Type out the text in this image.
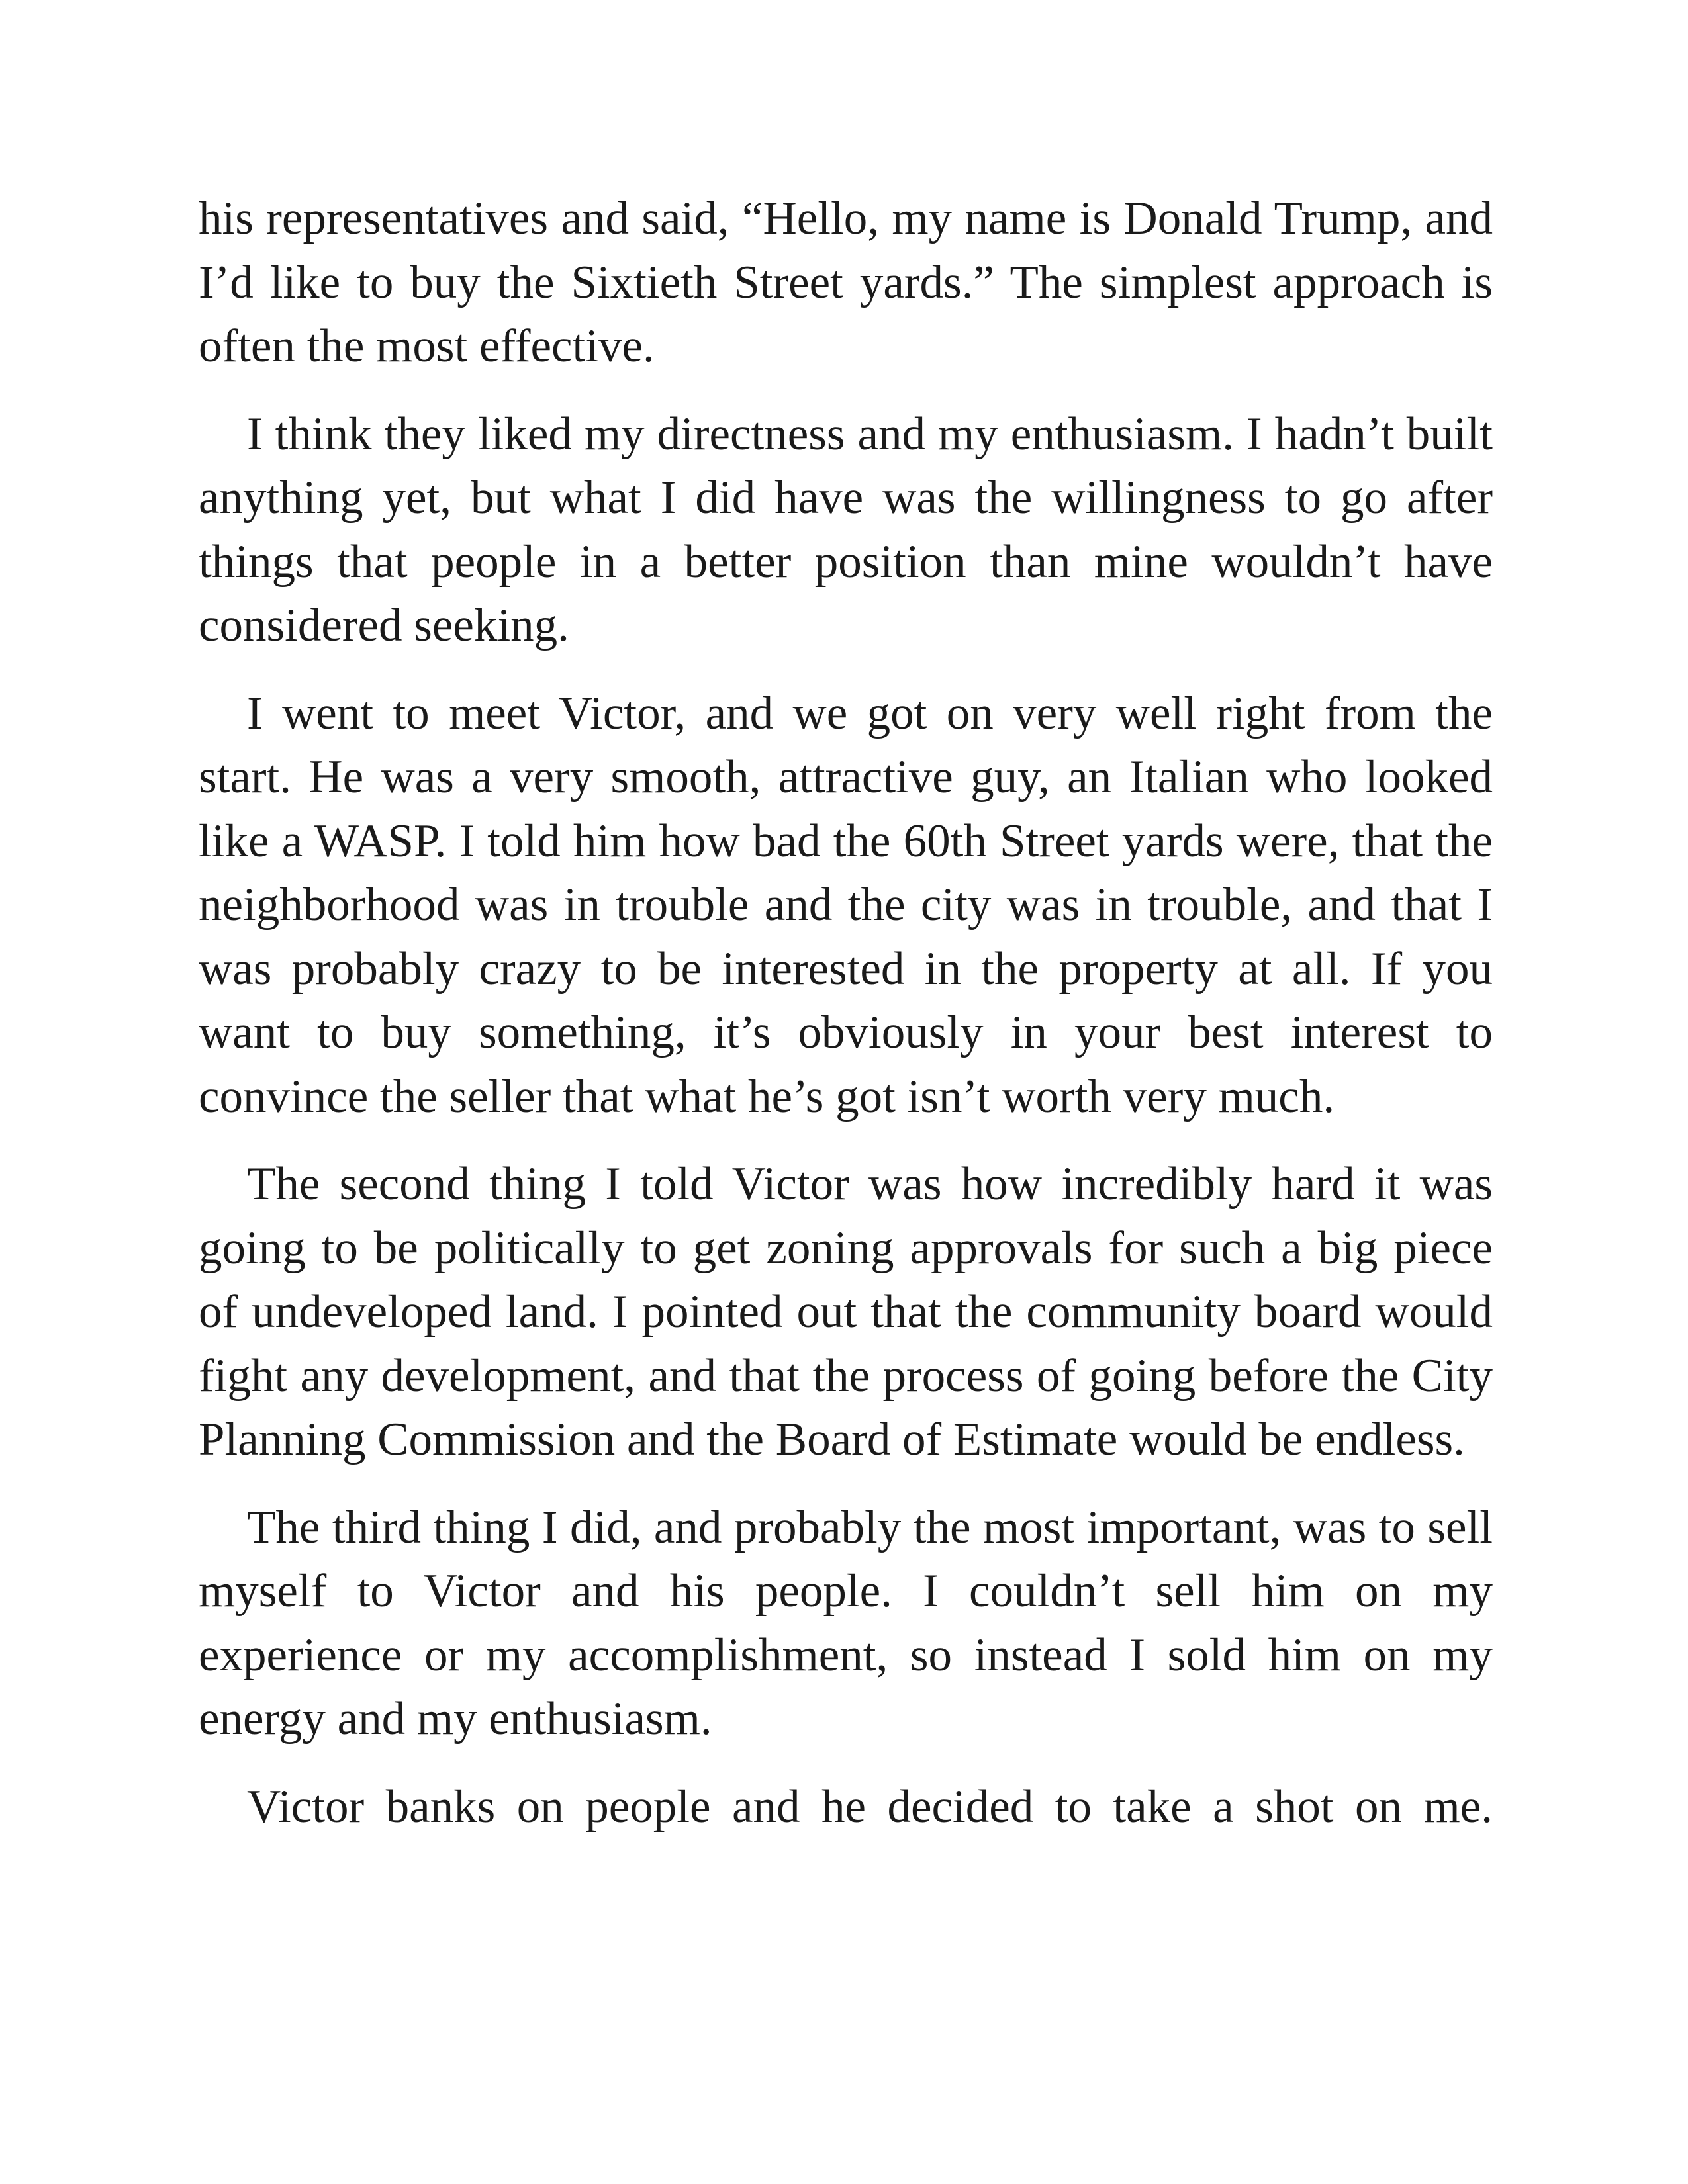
his representatives and said, “Hello, my name is Donald Trump, and I’d like to buy the Sixtieth Street yards.” The simplest approach is often the most effective.

I think they liked my directness and my enthusiasm. I hadn’t built anything yet, but what I did have was the willingness to go after things that people in a better position than mine wouldn’t have considered seeking.

I went to meet Victor, and we got on very well right from the start. He was a very smooth, attractive guy, an Italian who looked like a WASP. I told him how bad the 60th Street yards were, that the neighborhood was in trouble and the city was in trouble, and that I was probably crazy to be interested in the property at all. If you want to buy something, it’s obviously in your best interest to convince the seller that what he’s got isn’t worth very much.

The second thing I told Victor was how incredibly hard it was going to be politically to get zoning approvals for such a big piece of undeveloped land. I pointed out that the community board would fight any development, and that the process of going before the City Planning Commission and the Board of Estimate would be endless.

The third thing I did, and probably the most important, was to sell myself to Victor and his people. I couldn’t sell him on my experience or my accomplishment, so instead I sold him on my energy and my enthusiasm.

Victor banks on people and he decided to take a shot on me.
